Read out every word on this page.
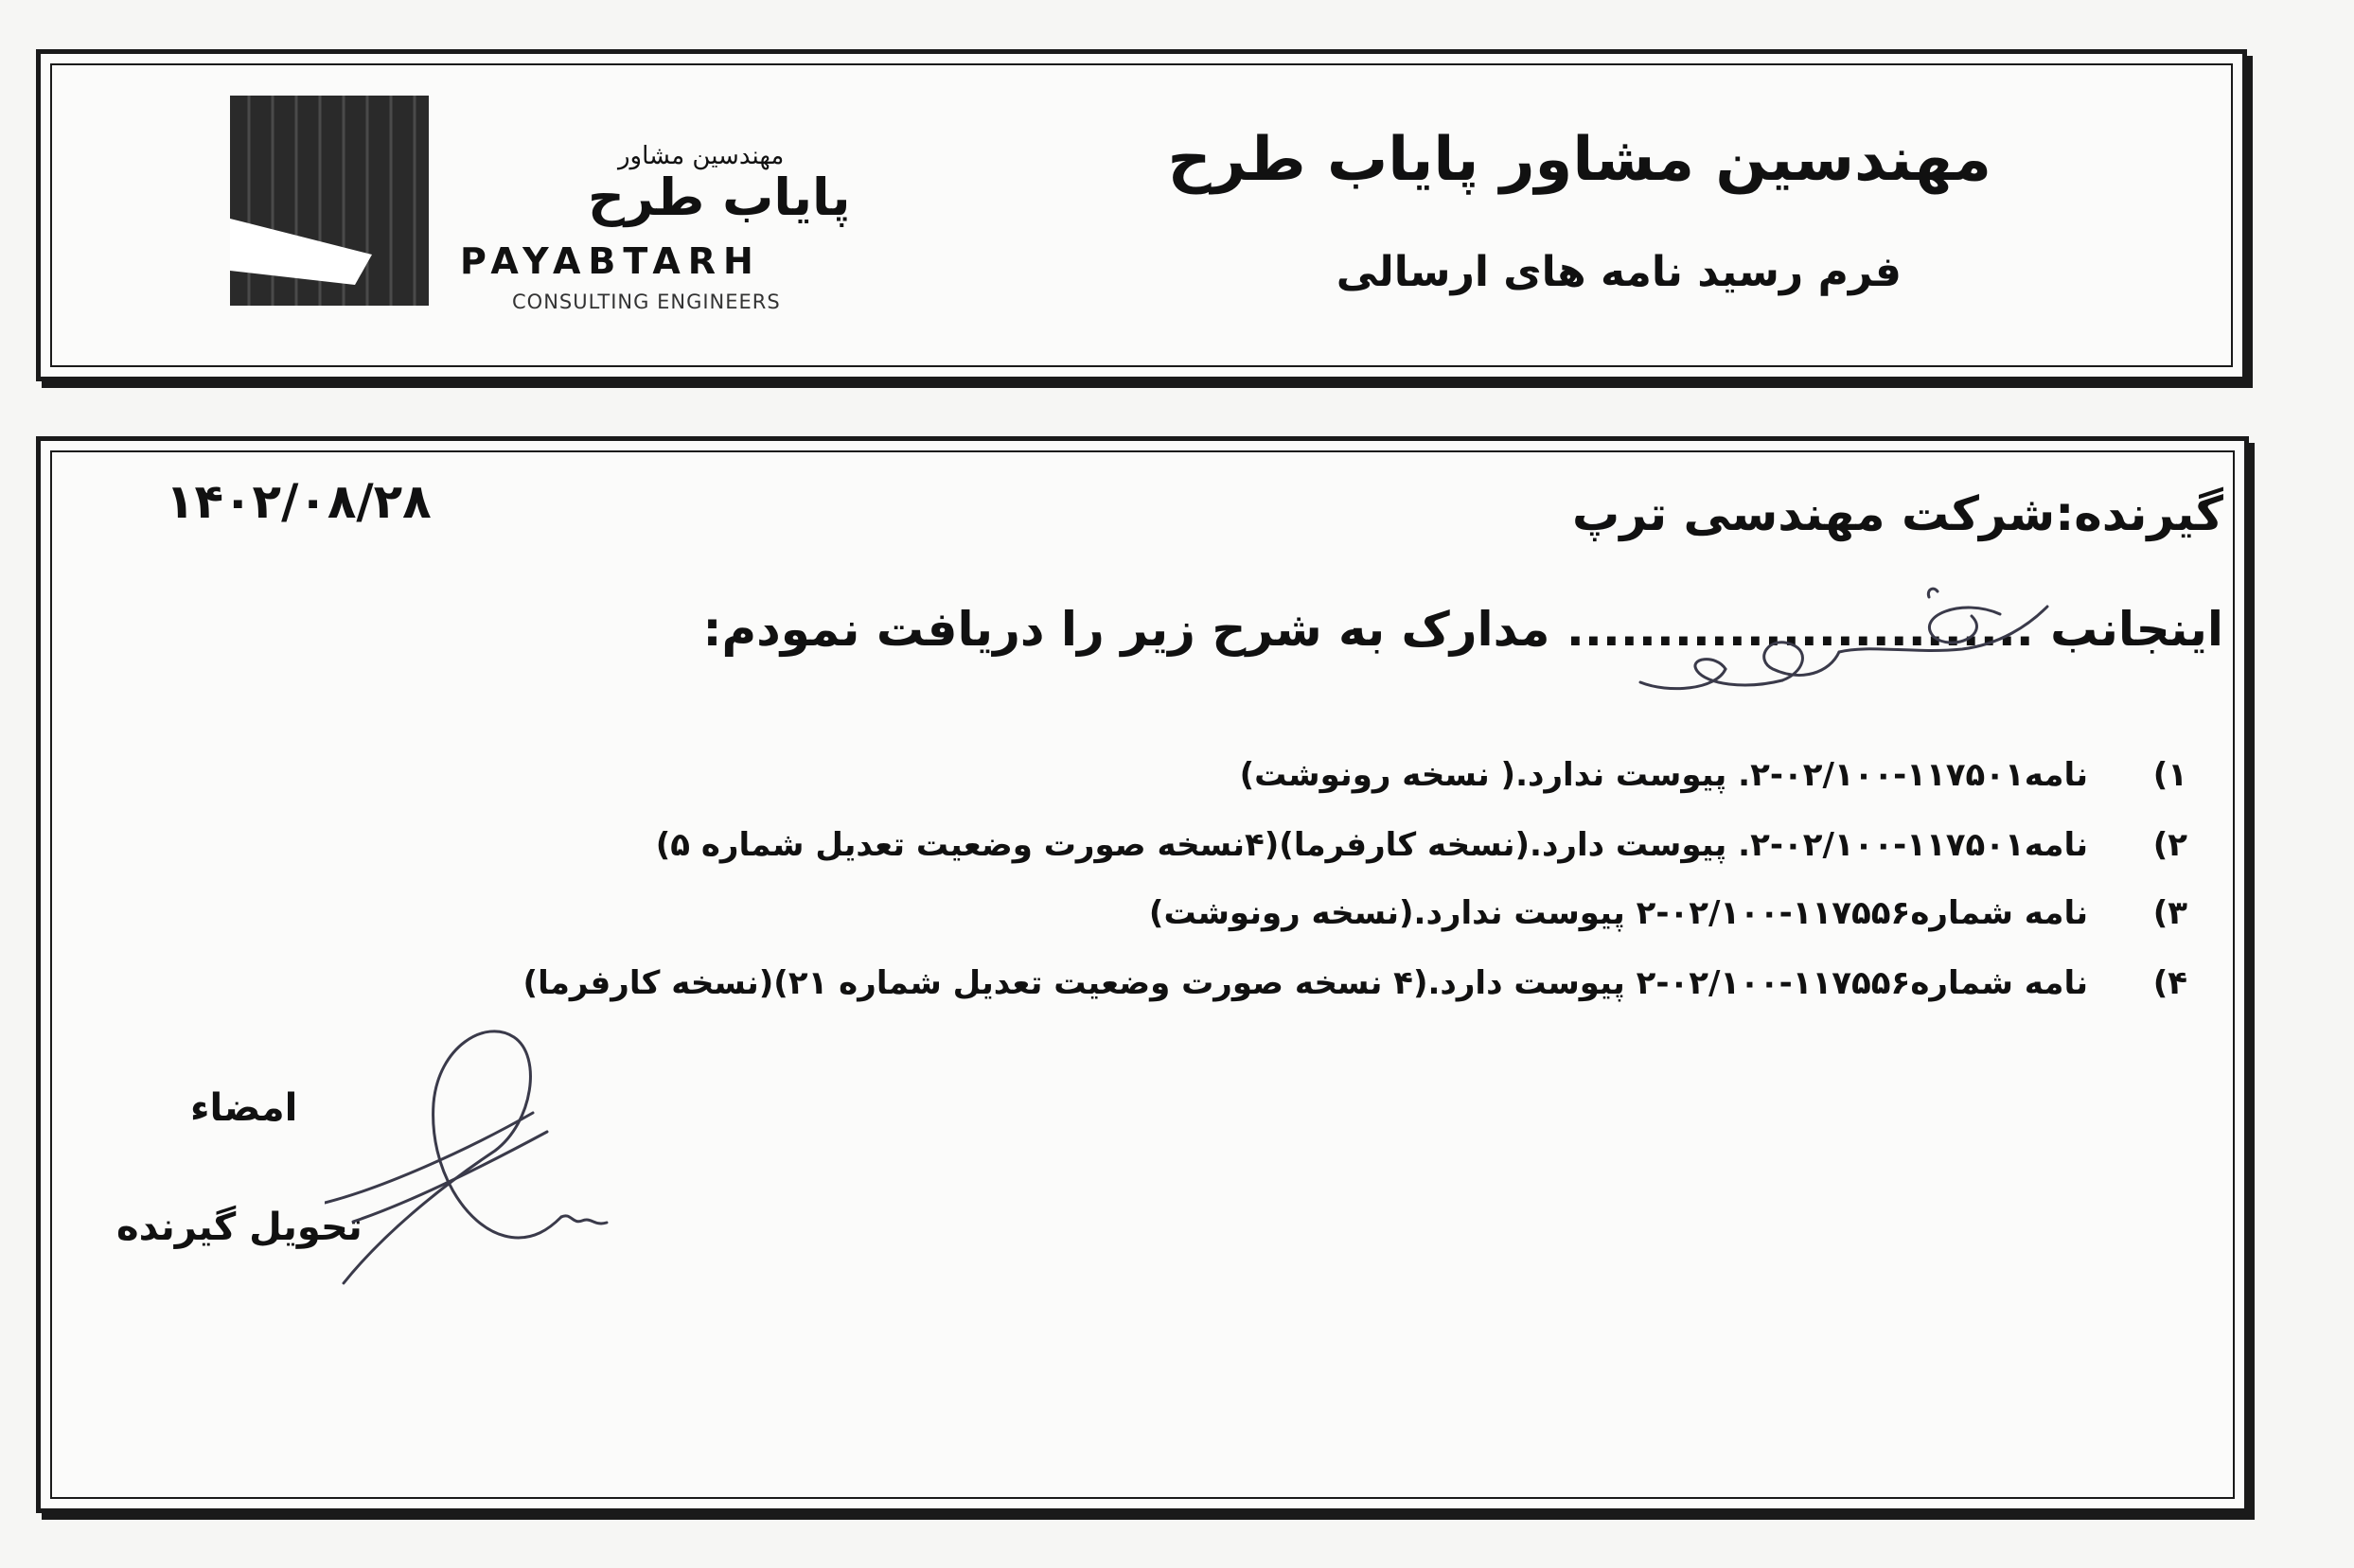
مهندسین مشاور
پایاب طرح
PAYABTARH
CONSULTING ENGINEERS
مهندسین مشاور پایاب طرح
فرم رسید نامه های ارسالی
۱۴۰۲/۰۸/۲۸	گیرنده:شرکت مهندسی ترپ
اینجانب .......................... مدارک به شرح زیر را دریافت نمودم:
(۱
نامه۱۱۷۵۰۱-۰۲/۱۰۰-۲. پیوست ندارد.( نسخه رونوشت)
(۲
نامه۱۱۷۵۰۱-۰۲/۱۰۰-۲. پیوست دارد.(نسخه کارفرما)(۴نسخه صورت وضعیت تعدیل شماره ۵)
(۳
نامه شماره۱۱۷۵۵۶-۰۲/۱۰۰-۲ پیوست ندارد.(نسخه رونوشت)
(۴
نامه شماره۱۱۷۵۵۶-۰۲/۱۰۰-۲ پیوست دارد.(۴ نسخه صورت وضعیت تعدیل شماره ۲۱)(نسخه کارفرما)
امضاء
تحویل گیرنده
